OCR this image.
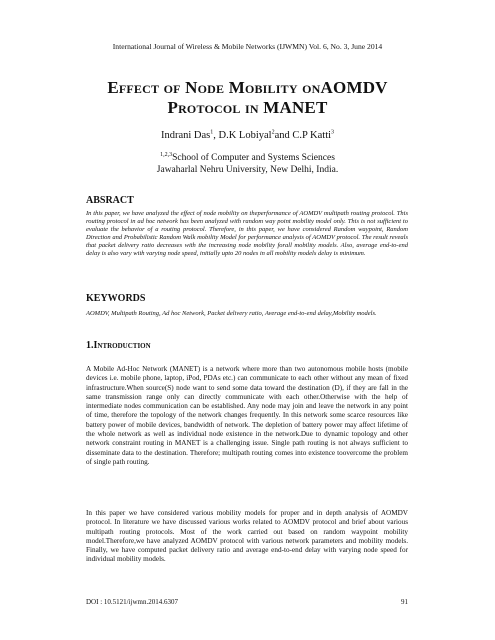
International Journal of Wireless & Mobile Networks (IJWMN) Vol. 6, No. 3, June 2014
Effect of Node Mobility onAOMDV
Protocol in MANET
Indrani Das$^1$, D.K Lobiyal$^2$and C.P Katti$^3$
$^{1,2,3}$School of Computer and Systems Sciences
Jawaharlal Nehru University, New Delhi, India.
ABSRACT
In this paper, we have analyzed the effect of node mobility on theperformance of AOMDV multipath routing protocol. This routing protocol in ad hoc network has been analyzed with random way point mobility model only. This is not sufficient to evaluate the behavior of a routing protocol. Therefore, in this paper, we have considered Random waypoint, Random Direction and Probabilistic Random Walk mobility Model for performance analysis of AOMDV protocol. The result reveals that packet delivery ratio decreases with the increasing node mobility forall mobility models. Also, average end-to-end delay is also vary with varying node speed, initially upto 20 nodes in all mobility models delay is minimum.
KEYWORDS
AOMDV, Multipath Routing, Ad hoc Network, Packet delivery ratio, Average end-to-end delay,Mobility models.
1.Introduction
A Mobile Ad-Hoc Network (MANET) is a network where more than two autonomous mobile hosts (mobile devices i.e. mobile phone, laptop, iPod, PDAs etc.) can communicate to each other without any mean of fixed infrastructure.When source(S) node want to send some data toward the destination (D), if they are fall in the same transmission range only can directly communicate with each other.Otherwise with the help of intermediate nodes communication can be established. Any node may join and leave the network in any point of time, therefore the topology of the network changes frequently. In this network some scarce resources like battery power of mobile devices, bandwidth of network. The depletion of battery power may affect lifetime of the whole network as well as individual node existence in the network.Due to dynamic topology and other network constraint routing in MANET is a challenging issue. Single path routing is not always sufficient to disseminate data to the destination. Therefore; multipath routing comes into existence toovercome the problem of single path routing.
In this paper we have considered various mobility models for proper and in depth analysis of AOMDV protocol. In literature we have discussed various works related to AOMDV protocol and brief about various multipath routing protocols. Most of the work carried out based on random waypoint mobility model.Therefore,we have analyzed AOMDV protocol with various network parameters and mobility models. Finally, we have computed packet delivery ratio and average end-to-end delay with varying node speed for individual mobility models.
DOI : 10.5121/ijwmn.2014.6307	91
